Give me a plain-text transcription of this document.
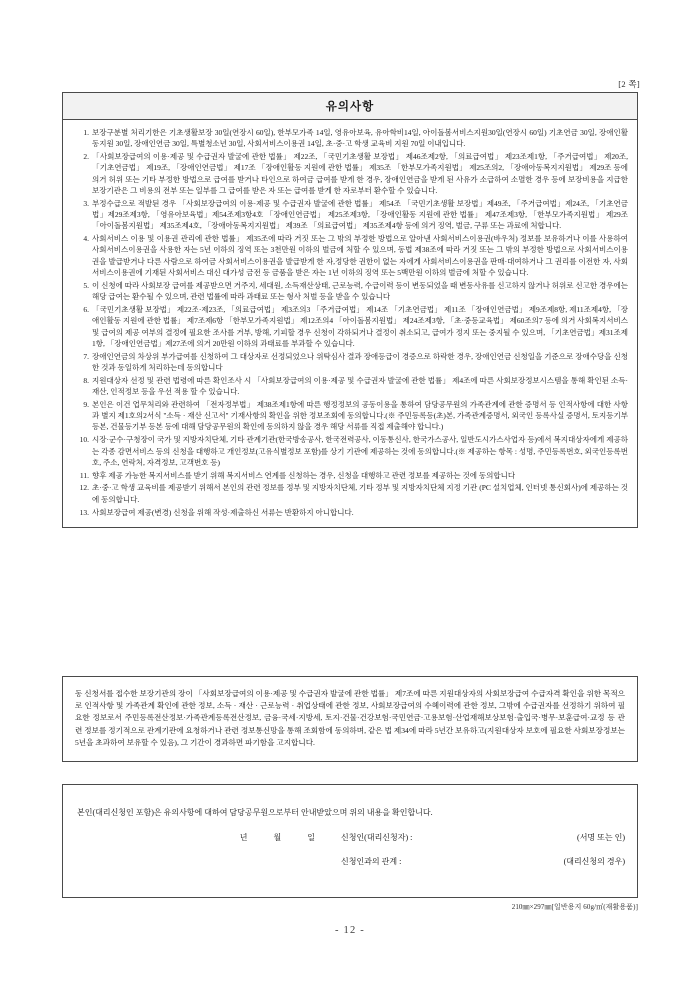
[2 쪽]
유의사항
1. 보장구분별 처리기한은 기초생활보장 30일(연장시 60일), 한부모가족 14일, 영유아보육, 유아학비14일, 아이돌봄서비스지원30일(연장시 60일) 기초연금 30일, 장애인활동지원 30일, 장애인연금 30일, 특별청소년 30일, 사회서비스이용권 14일, 초·중·고 학생 교육비 지원 70일 이내입니다.
2. 「사회보장급여의 이용·제공 및 수급권자 발굴에 관한 법률」 제22조, 「국민기초생활 보장법」 제46조제2항, 「의료급여법」 제23조제1항, 「주거급여법」 제20조, 「기초연금법」 제19조, 「장애인연금법」 제17조 「장애인활동 지원에 관한 법률」 제35조 「한부모가족지원법」 제25조의2, 「장애아동복지지원법」 제29조 등에 의거 허위 또는 기타 부정한 방법으로 급여를 받거나 타인으로 하여금 급여를 받게 한 경우, 장애인연금을 받게 된 사유가 소급하여 소멸한 경우 등에 보장비용을 지급한 보장기관은 그 비용의 전부 또는 일부를 그 급여를 받은 자 또는 급여를 받게 한 자로부터 환수할 수 있습니다.
3. 부정수급으로 적발된 경우 「사회보장급여의 이용·제공 및 수급권자 발굴에 관한 법률」 제54조 「국민기초생활 보장법」제49조, 「주거급여법」제24조, 「기초연금법」제29조제3항, 「영유아보육법」제54조제3항4호 「장애인연금법」 제25조제3항, 「장애인활동 지원에 관한 법률」 제47조제3항, 「한부모가족지원법」 제29조 「아이돌봄지원법」 제35조제4호, 「장애아동복지지원법」 제39조 「의료급여법」 제35조제4항 등에 의거 징역, 벌금, 구류 또는 과료에 처합니다.
4. 사회서비스 이용 및 이용권 관리에 관한 법률」 제35조에 따라 거짓 또는 그 밖의 부정한 방법으로 알아낸 사회서비스이용권(바우처) 정보를 보유하거나 이를 사용하여 사회서비스이용권을 사용한 자는 5년 이하의 징역 또는 3천만원 이하의 벌금에 처할 수 있으며, 동법 제38조에 따라 거짓 또는 그 밖의 부정한 방법으로 사회서비스이용권을 발급받거나 다른 사람으로 하여금 사회서비스이용권을 발급받게 한 자,정당한 권한이 없는 자에게 사회서비스이용권을 판매·대여하거나 그 권리를 이전한 자, 사회서비스이용권에 기재된 사회서비스 대신 대가성 금전 등 금품을 받은 자는 1년 이하의 징역 또는 5백만원 이하의 벌금에 처할 수 있습니다.
5. 이 신청에 따라 사회보장 급여를 제공받으면 거주지, 세대원, 소득재산상태, 근로능력, 수급이력 등이 변동되었을 때 변동사유를 신고하지 않거나 허위로 신고한 경우에는 해당 급여는 환수될 수 있으며, 관련 법률에 따라 과태료 또는 형사 처벌 등을 받을 수 있습니다
6. 「국민기초생활 보장법」 제22조·제23조, 「의료급여법」 제3조의3 「주거급여법」 제14조 「기초연금법」 제11조 「장애인연금법」 제9조제8항, 제11조제4항, 「장애인활동 지원에 관한 법률」 제7조제6항 「한부모가족지원법」 제12조의4 「아이돌봄지원법」 제24조제3항, 「초·중등교육법」 제60조의7 등에 의거 사회복지서비스 및 급여의 제공 여부의 결정에 필요한 조사를 거부, 방해, 기피할 경우 신청이 각하되거나 결정이 취소되고, 급여가 정지 또는 중지될 수 있으며, 「기초연금법」제31조제1항, 「장애인연금법」제27조에 의거 20만원 이하의 과태료를 부과할 수 있습니다.
7. 장애인연금의 차상위 부가급여를 신청하여 그 대상자로 선정되었으나 위탁심사 결과 장애등급이 경증으로 하락한 경우, 장애인연금 신청일을 기준으로 장애수당을 신청한 것과 동일하게 처리하는데 동의합니다
8. 지원대상자 선정 및 관련 법령에 따른 확인조사 시 「사회보장급여의 이용·제공 및 수급권자 발굴에 관한 법률」 제4조에 따른 사회보장정보시스템을 통해 확인된 소득·재산, 인적정보 등을 우선 적용 할 수 있습니다.
9. 본인은 이건 업무처리와 관련하여 「전자정부법」 제38조제1항에 따른 행정정보의 공동이용을 통하여 담당공무원의 가족관계에 관한 증명서 등 인적사항에 대한 사항과 별지 제1호의2서식 "소득 · 재산 신고서" 기재사항의 확인을 위한 정보조회에 동의합니다.(※ 주민등록등(초)본, 가족관계증명서, 외국인 등록사실 증명서, 토지등기부 등본, 건물등기부 등본 등에 대해 담당공무원의 확인에 동의하지 않을 경우 해당 서류를 직접 제출해야 합니다.)
10. 시장·군수·구청장이 국가 및 지방자치단체, 기타 관계기관(한국방송공사, 한국전력공사, 이동통신사, 한국가스공사, 일반도시가스사업자 등)에서 복지대상자에게 제공하는 각종 감면서비스 등의 신청을 대행하고 개인정보(고유식별정보 포함)를 상기 기관에 제공하는 것에 동의합니다.(※ 제공하는 항목 : 성명, 주민등록번호, 외국인등록번호, 주소, 연락처, 자격정보, 고객번호 등)
11. 향후 제공 가능한 복지서비스를 받기 위해 복지서비스 연계를 신청하는 경우, 신청을 대행하고 관련 정보를 제공하는 것에 동의합니다
12. 초·중·고 학생 교육비를 제공받기 위해서 본인의 관련 정보를 정부 및 지방자치단체, 기타 정부 및 지방자치단체 지정 기관 (PC 설치업체, 인터넷 통신회사)에 제공하는 것에 동의합니다.
13. 사회보장급여 제공(변경) 신청을 위해 작성·제출하신 서류는 반환하지 아니합니다.
동 신청서를 접수한 보장기관의 장이 「사회보장급여의 이용·제공 및 수급권자 발굴에 관한 법률」 제7조에 따른 지원대상자의 사회보장급여 수급자격 확인을 위한 목적으로 인적사항 및 가족관계 확인에 관한 정보, 소득 · 재산 · 근로능력 · 취업상태에 관한 정보, 사회보장급여의 수혜이력에 관한 정보, 그밖에 수급권자를 선정하기 위하여 필요한 정보로서 주민등록전산정보·가족관계등록전산정보, 금융·국세·지방세, 토지·건물·건강보험·국민연금·고용보험·산업재해보상보험·출입국·병무·보훈급여·교정 등 관련 정보를 정기적으로 관계기관에 요청하거나 관련 정보통신망을 통해 조회함에 동의하며, 같은 법 제34에 따라 5년간 보유하고(지원대상자 보호에 필요한 사회보장정보는 5년을 초과하여 보유할 수 있음), 그 기간이 경과하면 파기함을 고지합니다.
본인(대리신청인 포함)은 유의사항에 대하여 담당공무원으로부터 안내받았으며 위의 내용을 확인합니다.
년	월	일	신청인(대리신청자) :	(서명 또는 인)
신청인과의 관계 :	(대리신청의 경우)
210㎜×297㎜[일반용지 60g/㎡(재활용품)]
- 12 -
